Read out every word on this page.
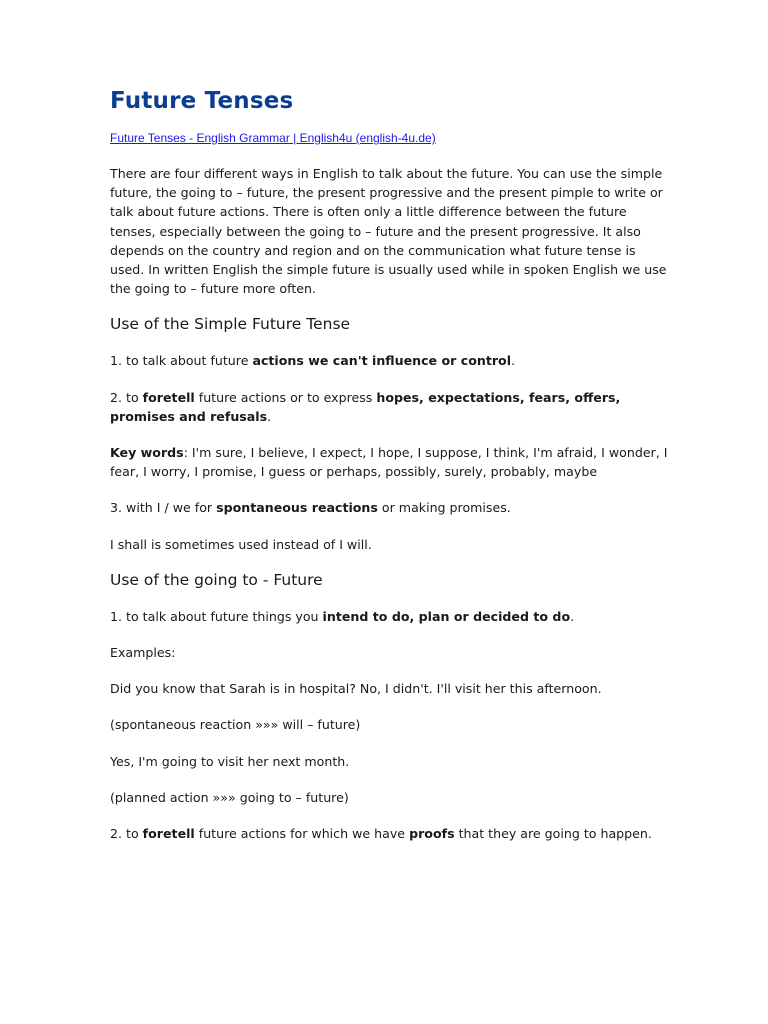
Future Tenses
Future Tenses - English Grammar | English4u (english-4u.de)

There are four different ways in English to talk about the future. You can use the simple future, the going to – future, the present progressive and the present pimple to write or talk about future actions. There is often only a little difference between the future tenses, especially between the going to – future and the present progressive. It also depends on the country and region and on the communication what future tense is used. In written English the simple future is usually used while in spoken English we use the going to – future more often.

Use of the Simple Future Tense

1. to talk about future actions we can't influence or control.

2. to foretell future actions or to express hopes, expectations, fears, offers, promises and refusals.

Key words: I'm sure, I believe, I expect, I hope, I suppose, I think, I'm afraid, I wonder, I fear, I worry, I promise, I guess or perhaps, possibly, surely, probably, maybe

3. with I / we for spontaneous reactions or making promises.

I shall is sometimes used instead of I will.

Use of the going to - Future

1. to talk about future things you intend to do, plan or decided to do.

Examples:

Did you know that Sarah is in hospital? No, I didn't. I'll visit her this afternoon.

(spontaneous reaction »»» will – future)

Yes, I'm going to visit her next month.

(planned action »»» going to – future)

2. to foretell future actions for which we have proofs that they are going to happen.
